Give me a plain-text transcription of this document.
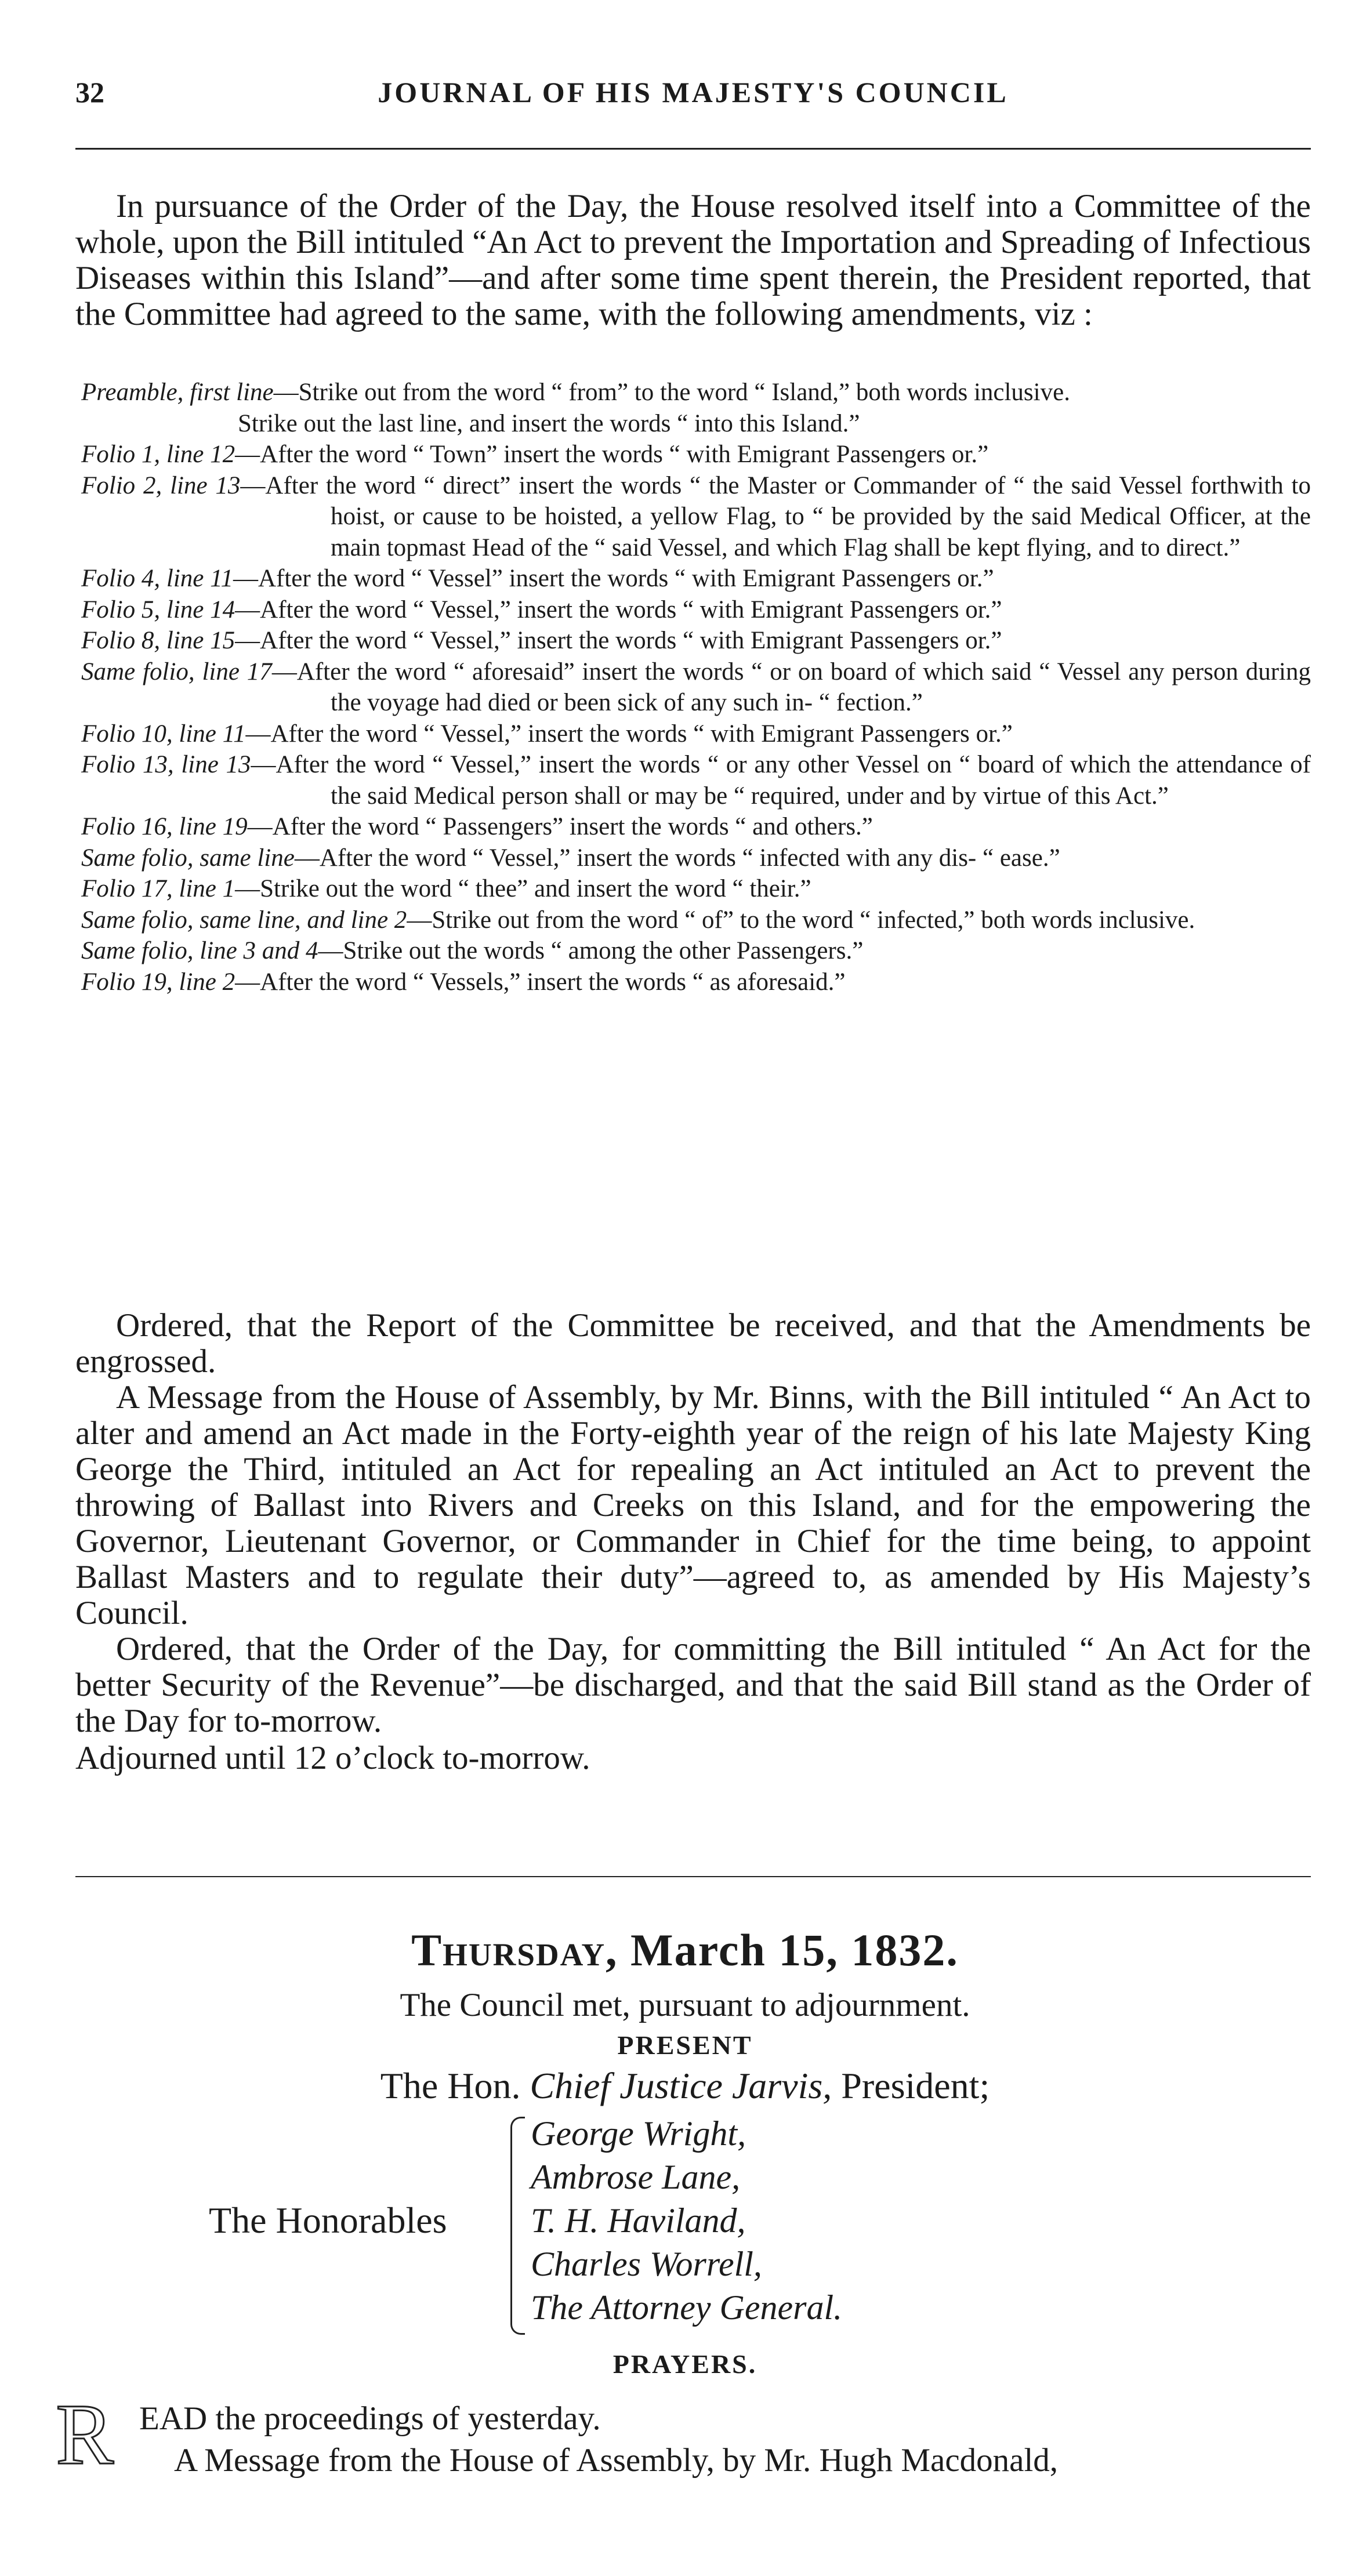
32	JOURNAL OF HIS MAJESTY'S COUNCIL

In pursuance of the Order of the Day, the House resolved itself into a Committee of the whole, upon the Bill intituled “An Act to prevent the Importation and Spreading of Infectious Diseases within this Island”—and after some time spent therein, the President reported, that the Committee had agreed to the same, with the following amendments, viz :

Preamble, first line—Strike out from the word “ from” to the word “ Island,” both words inclusive.

Strike out the last line, and insert the words “ into this Island.”

Folio 1, line 12—After the word “ Town” insert the words “ with Emigrant Passengers or.”

Folio 2, line 13—After the word “ direct” insert the words “ the Master or Commander of “ the said Vessel forthwith to hoist, or cause to be hoisted, a yellow Flag, to “ be provided by the said Medical Officer, at the main topmast Head of the “ said Vessel, and which Flag shall be kept flying, and to direct.”

Folio 4, line 11—After the word “ Vessel” insert the words “ with Emigrant Passengers or.”

Folio 5, line 14—After the word “ Vessel,” insert the words “ with Emigrant Passengers or.”

Folio 8, line 15—After the word “ Vessel,” insert the words “ with Emigrant Passengers or.”

Same folio, line 17—After the word “ aforesaid” insert the words “ or on board of which said “ Vessel any person during the voyage had died or been sick of any such in- “ fection.”

Folio 10, line 11—After the word “ Vessel,” insert the words “ with Emigrant Passengers or.”

Folio 13, line 13—After the word “ Vessel,” insert the words “ or any other Vessel on “ board of which the attendance of the said Medical person shall or may be “ required, under and by virtue of this Act.”

Folio 16, line 19—After the word “ Passengers” insert the words “ and others.”

Same folio, same line—After the word “ Vessel,” insert the words “ infected with any dis- “ ease.”

Folio 17, line 1—Strike out the word “ thee” and insert the word “ their.”

Same folio, same line, and line 2—Strike out from the word “ of” to the word “ infected,” both words inclusive.

Same folio, line 3 and 4—Strike out the words “ among the other Passengers.”

Folio 19, line 2—After the word “ Vessels,” insert the words “ as aforesaid.”

Ordered, that the Report of the Committee be received, and that the Amendments be engrossed.

A Message from the House of Assembly, by Mr. Binns, with the Bill intituled “ An Act to alter and amend an Act made in the Forty-eighth year of the reign of his late Majesty King George the Third, intituled an Act for repealing an Act intituled an Act to prevent the throwing of Ballast into Rivers and Creeks on this Island, and for the empowering the Governor, Lieutenant Governor, or Commander in Chief for the time being, to appoint Ballast Masters and to regulate their duty”—agreed to, as amended by His Majesty’s Council.

Ordered, that the Order of the Day, for committing the Bill intituled “ An Act for the better Security of the Revenue”—be discharged, and that the said Bill stand as the Order of the Day for to-morrow.

Adjourned until 12 o’clock to-morrow.

Thursday, March 15, 1832.
The Council met, pursuant to adjournment.
PRESENT
The Hon. Chief Justice Jarvis, President;
The Honorables
George Wright,
Ambrose Lane,
T. H. Haviland,
Charles Worrell,
The Attorney General.
PRAYERS.
R EAD the proceedings of yesterday.
A Message from the House of Assembly, by Mr. Hugh Macdonald,
